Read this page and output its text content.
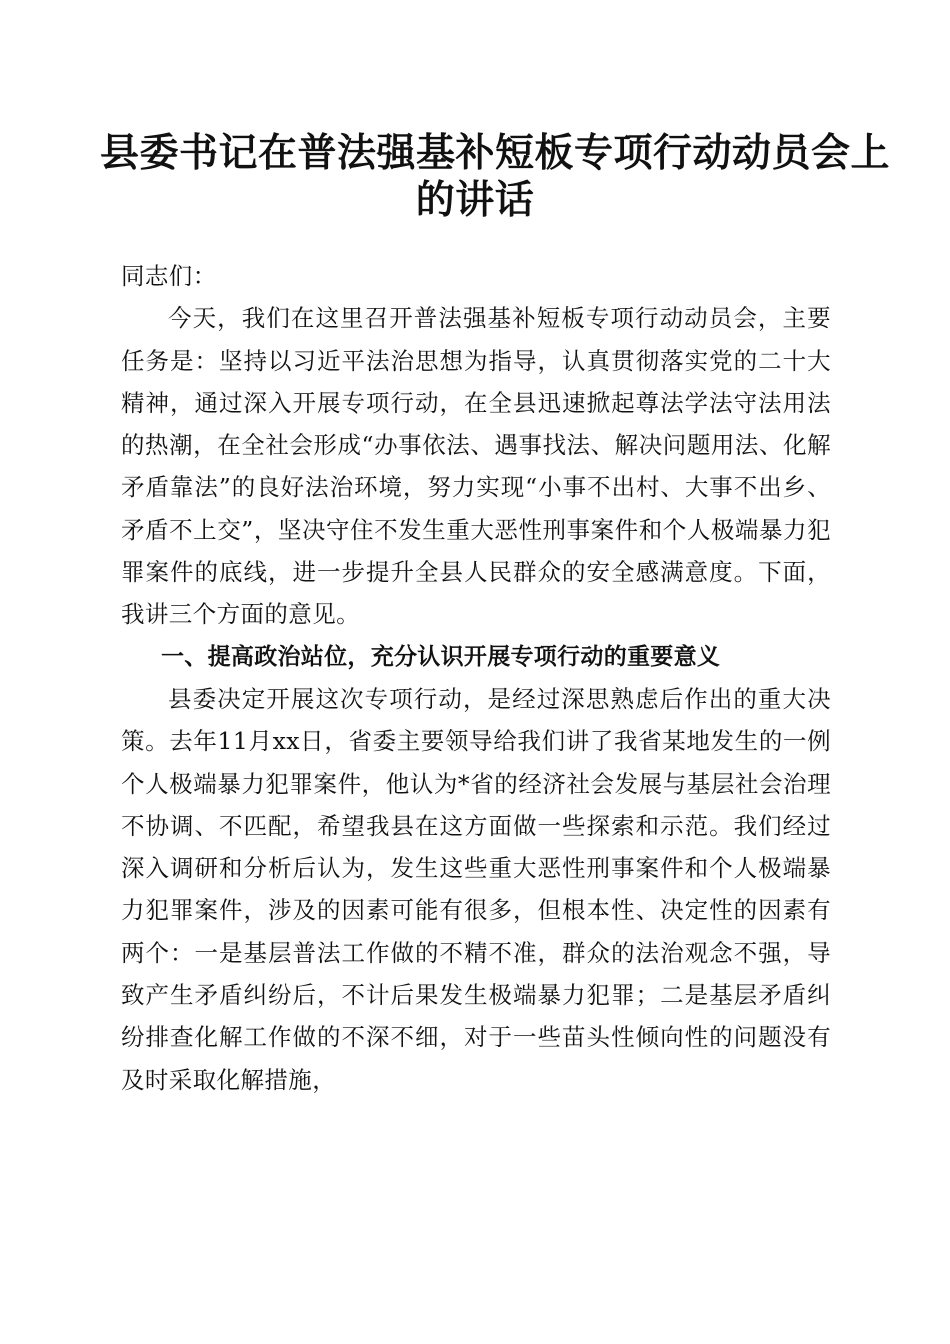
县委书记在普法强基补短板专项行动动员会上
的讲话

同志们：

今天，我们在这里召开普法强基补短板专项行动动员会，主要任务是：坚持以习近平法治思想为指导，认真贯彻落实党的二十大精神，通过深入开展专项行动，在全县迅速掀起尊法学法守法用法的热潮，在全社会形成“办事依法、遇事找法、解决问题用法、化解矛盾靠法”的良好法治环境，努力实现“小事不出村、大事不出乡、矛盾不上交”，坚决守住不发生重大恶性刑事案件和个人极端暴力犯罪案件的底线，进一步提升全县人民群众的安全感满意度。下面，我讲三个方面的意见。

一、提高政治站位，充分认识开展专项行动的重要意义

县委决定开展这次专项行动，是经过深思熟虑后作出的重大决策。去年11月xx日，省委主要领导给我们讲了我省某地发生的一例个人极端暴力犯罪案件，他认为*省的经济社会发展与基层社会治理不协调、不匹配，希望我县在这方面做一些探索和示范。我们经过深入调研和分析后认为，发生这些重大恶性刑事案件和个人极端暴力犯罪案件，涉及的因素可能有很多，但根本性、决定性的因素有两个：一是基层普法工作做的不精不准，群众的法治观念不强，导致产生矛盾纠纷后，不计后果发生极端暴力犯罪；二是基层矛盾纠纷排查化解工作做的不深不细，对于一些苗头性倾向性的问题没有及时采取化解措施，
